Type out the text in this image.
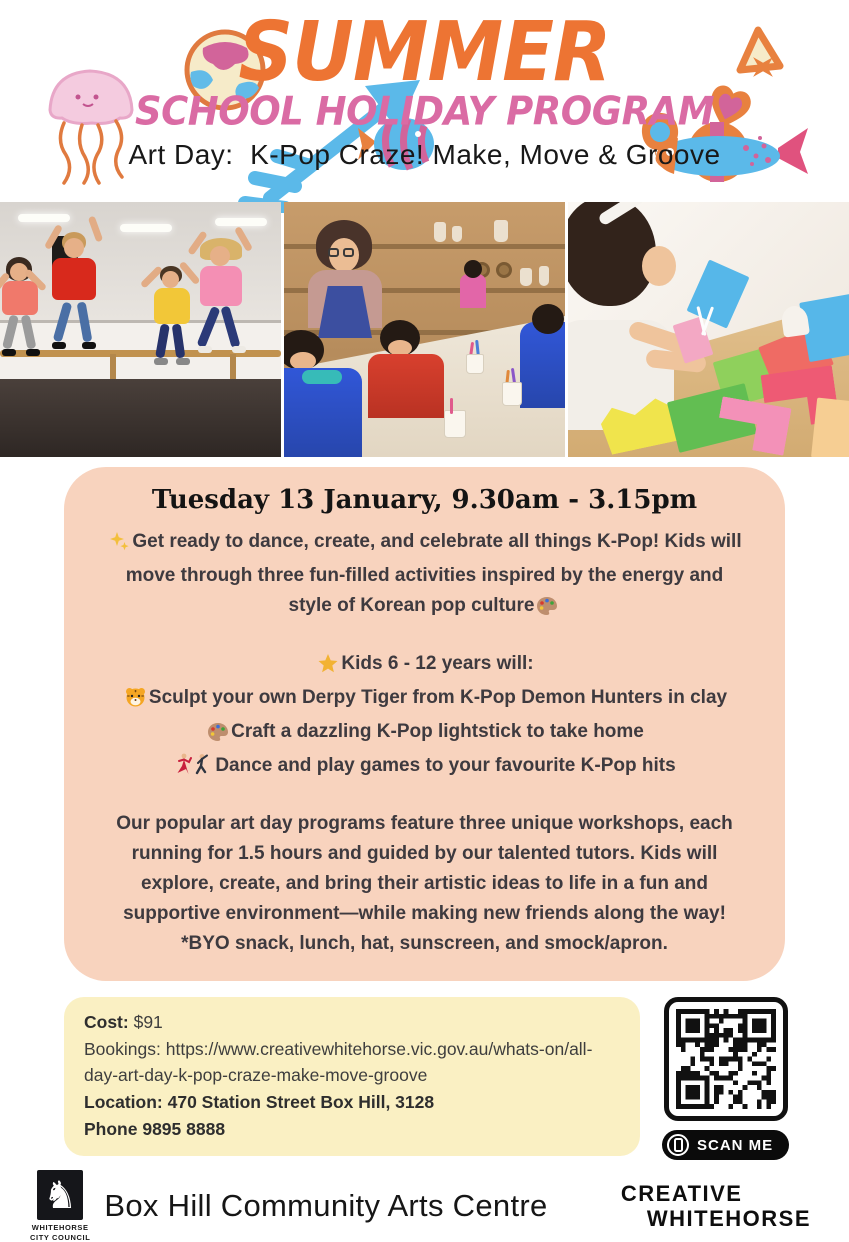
SUMMER
SCHOOL HOLIDAY PROGRAM
Art Day:  K-Pop Craze! Make, Move & Groove
Tuesday 13 January, 9.30am - 3.15pm
Get ready to dance, create, and celebrate all things K-Pop! Kids will move through three fun-filled activities inspired by the energy and style of Korean pop culture
Kids 6 - 12 years will:
Sculpt your own Derpy Tiger from K-Pop Demon Hunters in clay
Craft a dazzling K-Pop lightstick to take home
Dance and play games to your favourite K-Pop hits
Our popular art day programs feature three unique workshops, each running for 1.5 hours and guided by our talented tutors. Kids will explore, create, and bring their artistic ideas to life in a fun and supportive environment—while making new friends along the way!
*BYO snack, lunch, hat, sunscreen, and smock/apron.
Cost: $91
Bookings: https://www.creativewhitehorse.vic.gov.au/whats-on/all-day-art-day-k-pop-craze-make-move-groove
Location: 470 Station Street Box Hill, 3128
Phone 9895 8888
SCAN ME
♞
WHITEHORSE
CITY COUNCIL
Box Hill Community Arts Centre	CREATIVE
WHITEHORSE
